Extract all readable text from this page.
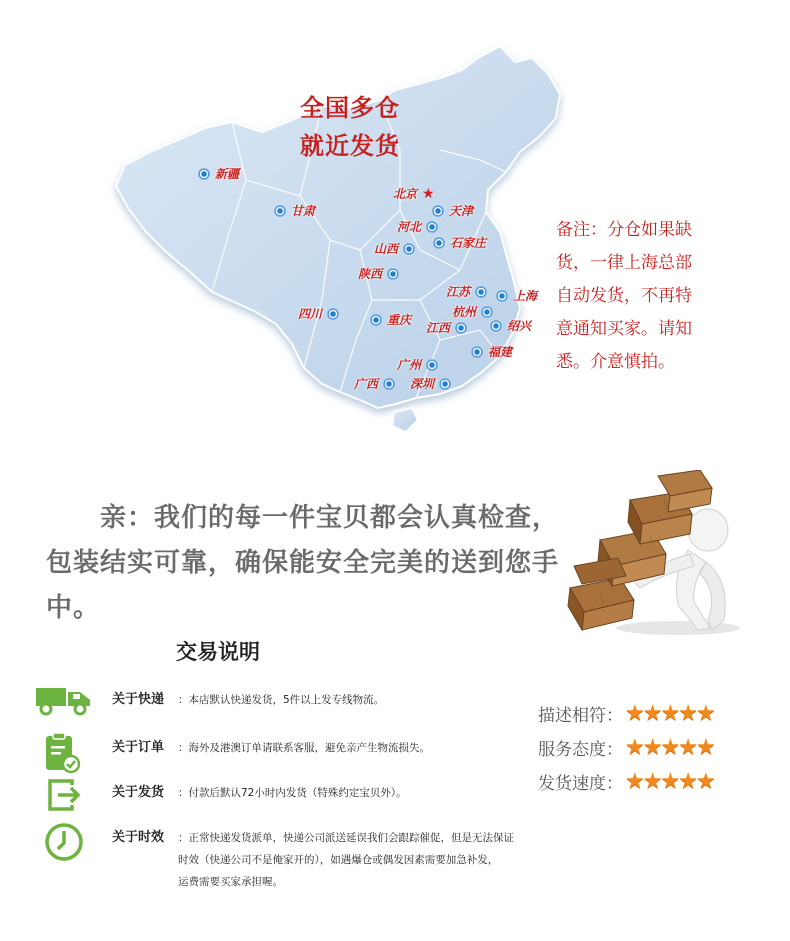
全国多仓
就近发货
新疆
甘肃
★
北京
天津
河北
石家庄
山西
陕西
江苏	上海
四川	重庆
杭州
绍兴
江西
福建
广州
广西	深圳
备注：分仓如果缺货，一律上海总部自动发货，不再特意通知买家。请知悉。介意慎拍。
亲：我们的每一件宝贝都会认真检查，包装结实可靠，确保能安全完美的送到您手中。
交易说明
关于快递 ：本店默认快递发货，5件以上发专线物流。
关于订单 ：海外及港澳订单请联系客服，避免亲产生物流损失。
关于发货 ：付款后默认72小时内发货（特殊约定宝贝外）。
关于时效 ：正常快递发货派单，快递公司派送延误我们会跟踪催促，但是无法保证
时效（快递公司不是俺家开的），如遇爆仓或偶发因素需要加急补发，
运费需要买家承担喔。
描述相符： ★
★
★
★
★
服务态度： ★
★
★
★
★
发货速度： ★
★
★
★
★
